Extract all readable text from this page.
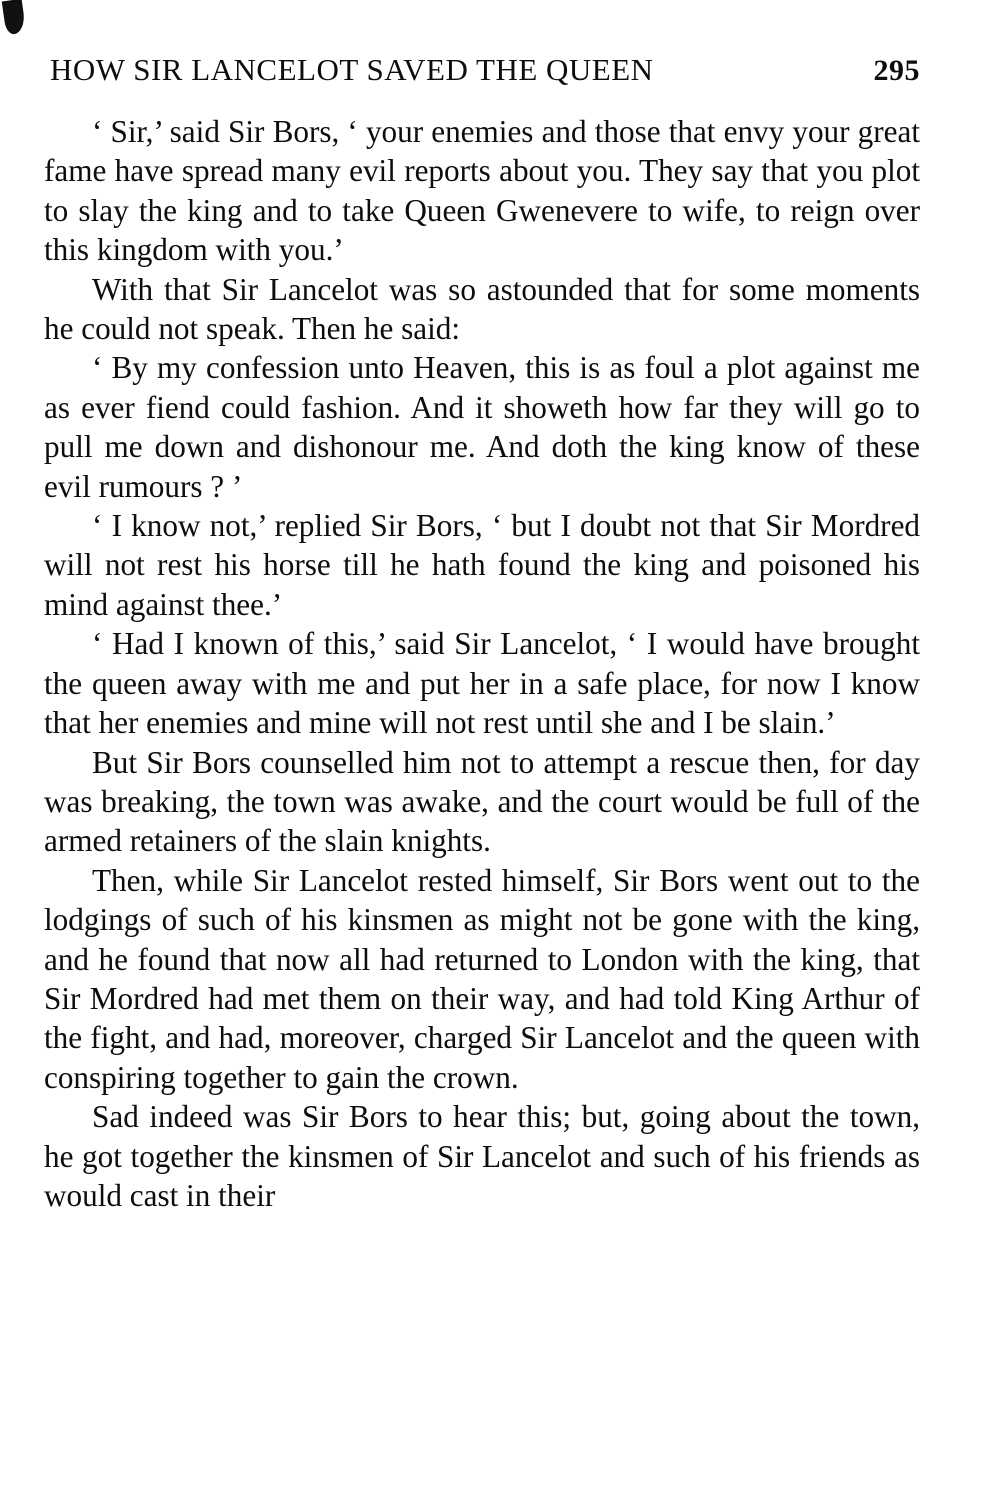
HOW SIR LANCELOT SAVED THE QUEEN	295

‘ Sir,’ said Sir Bors, ‘ your enemies and those that envy your great fame have spread many evil reports about you. They say that you plot to slay the king and to take Queen Gwenevere to wife, to reign over this kingdom with you.’

With that Sir Lancelot was so astounded that for some moments he could not speak. Then he said:

‘ By my confession unto Heaven, this is as foul a plot against me as ever fiend could fashion. And it showeth how far they will go to pull me down and dishonour me. And doth the king know of these evil rumours ? ’

‘ I know not,’ replied Sir Bors, ‘ but I doubt not that Sir Mordred will not rest his horse till he hath found the king and poisoned his mind against thee.’

‘ Had I known of this,’ said Sir Lancelot, ‘ I would have brought the queen away with me and put her in a safe place, for now I know that her enemies and mine will not rest until she and I be slain.’

But Sir Bors counselled him not to attempt a rescue then, for day was breaking, the town was awake, and the court would be full of the armed retainers of the slain knights.

Then, while Sir Lancelot rested himself, Sir Bors went out to the lodgings of such of his kinsmen as might not be gone with the king, and he found that now all had returned to London with the king, that Sir Mordred had met them on their way, and had told King Arthur of the fight, and had, moreover, charged Sir Lancelot and the queen with conspiring together to gain the crown.

Sad indeed was Sir Bors to hear this; but, going about the town, he got together the kinsmen of Sir Lancelot and such of his friends as would cast in their
